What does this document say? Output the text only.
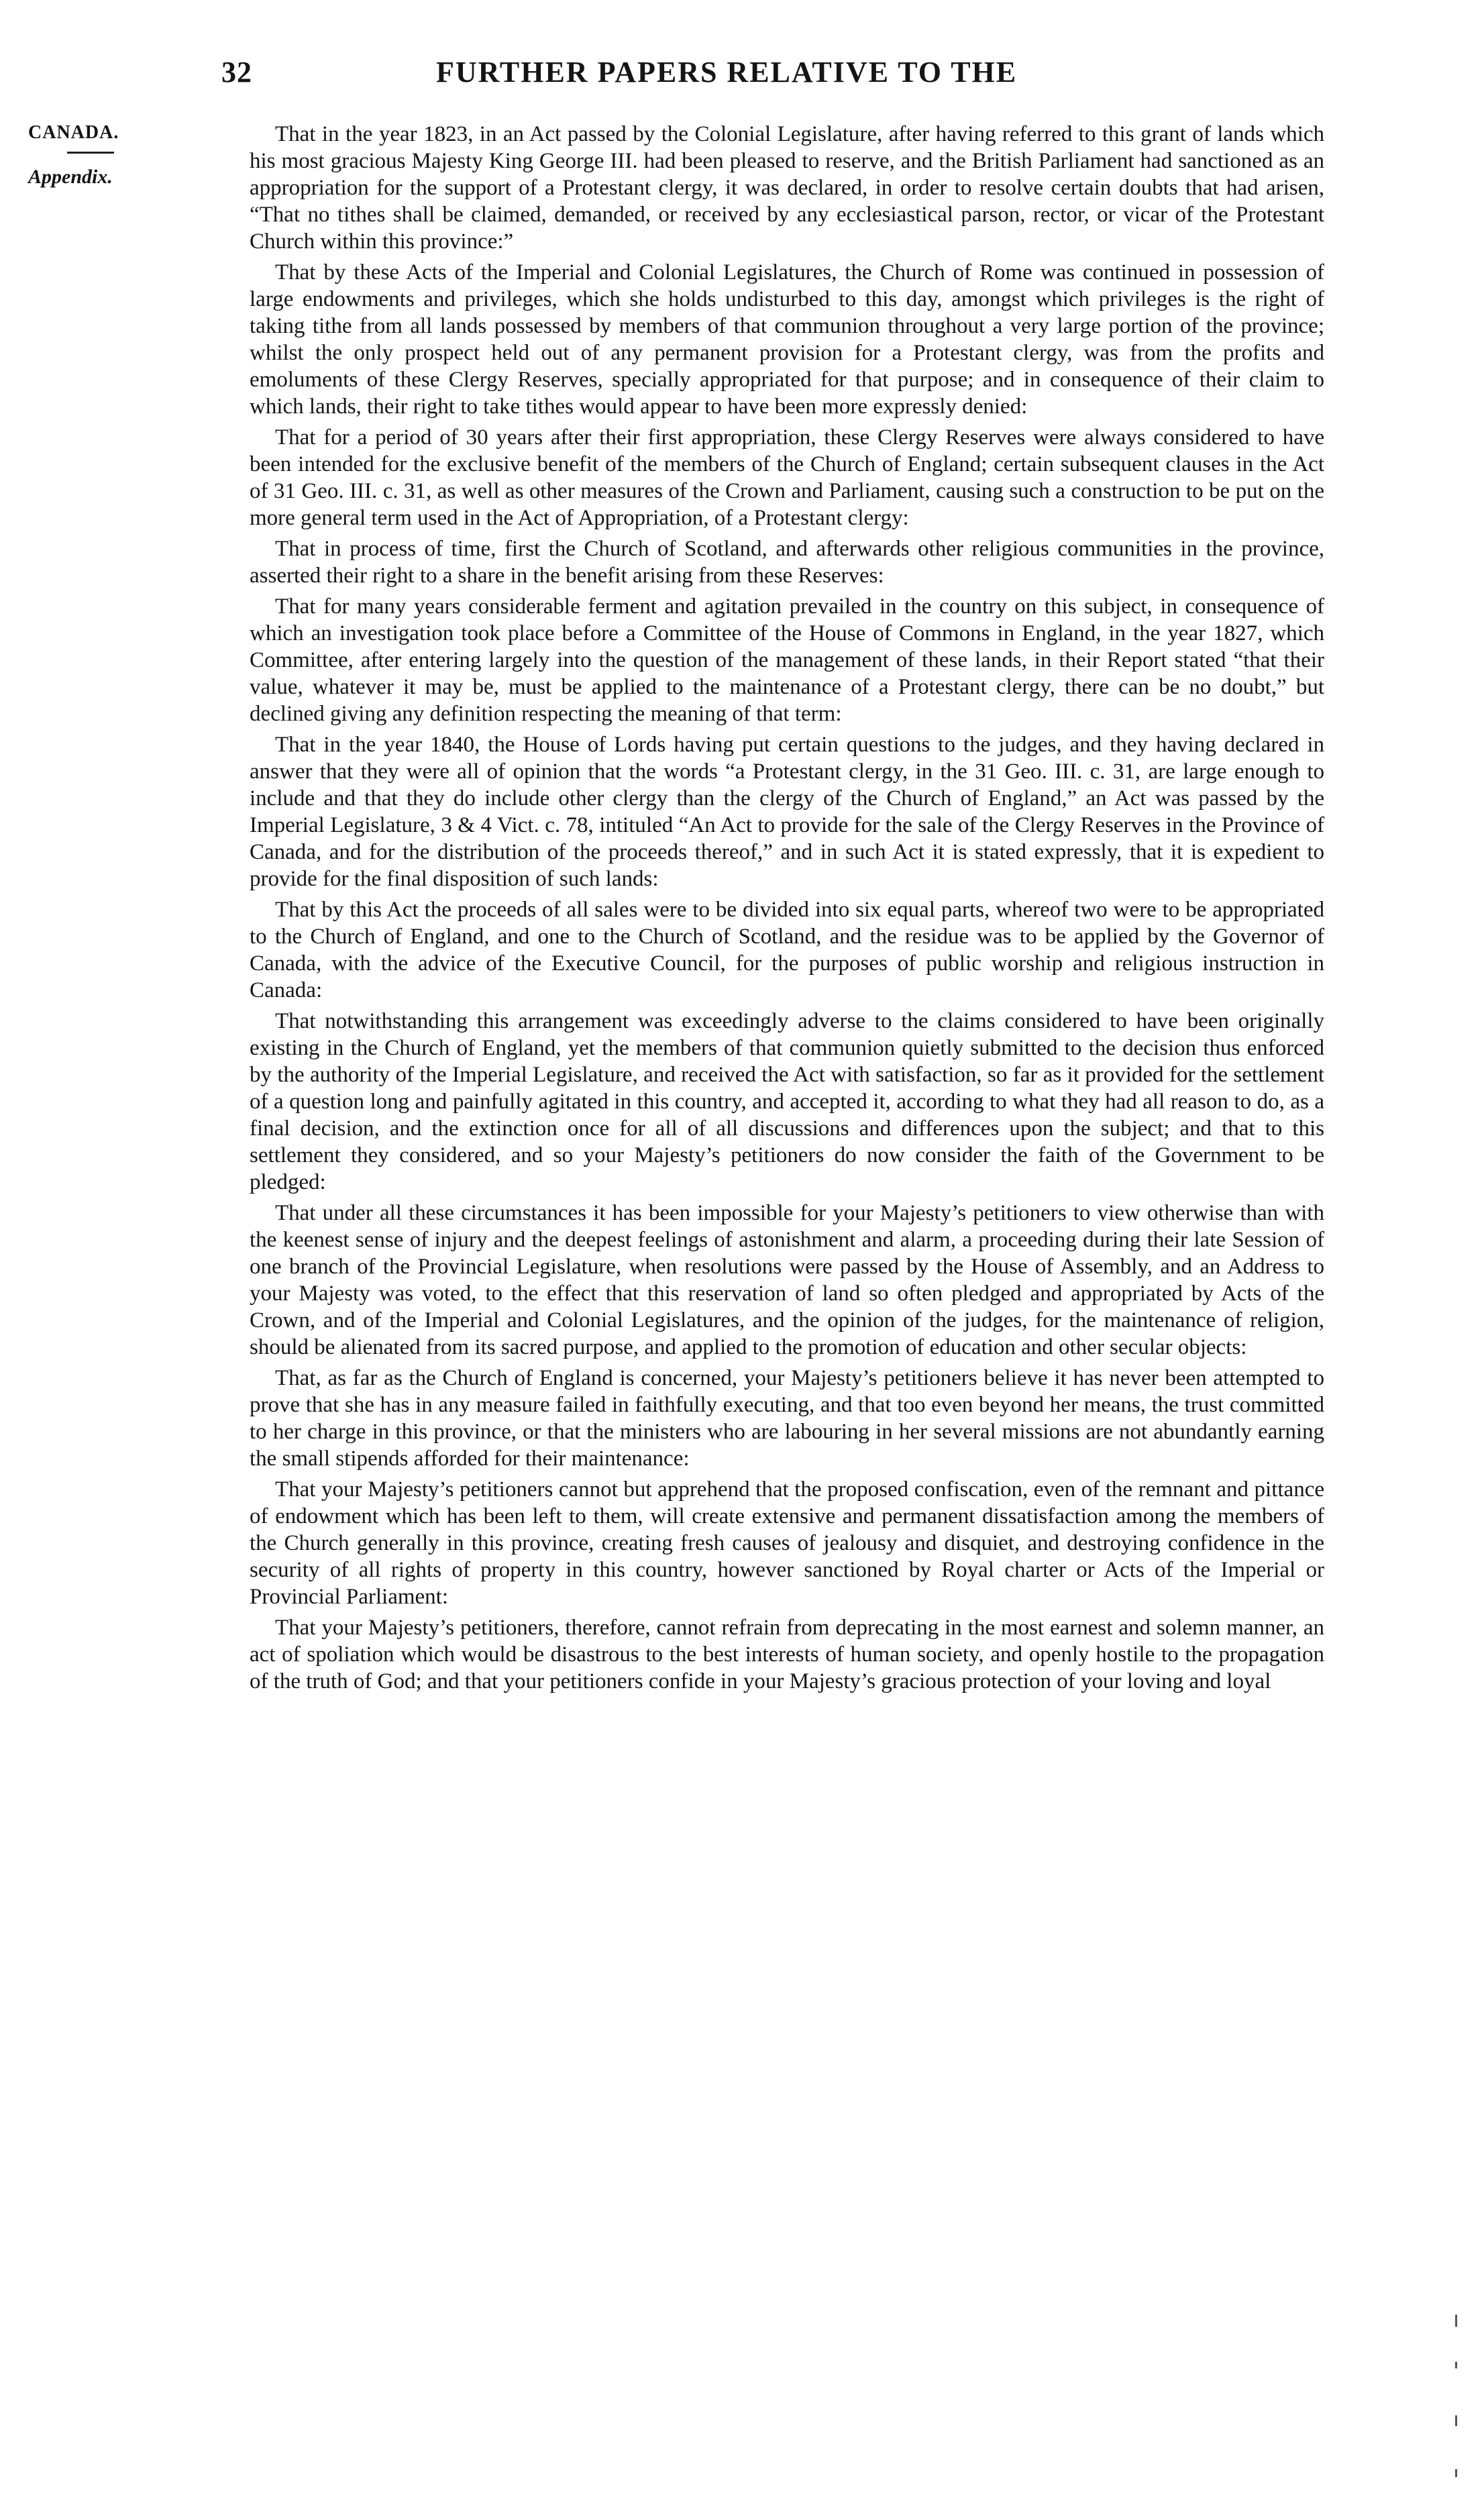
32	FURTHER PAPERS RELATIVE TO THE
CANADA.
Appendix.

That in the year 1823, in an Act passed by the Colonial Legislature, after having referred to this grant of lands which his most gracious Majesty King George III. had been pleased to reserve, and the British Parliament had sanctioned as an appropriation for the support of a Protestant clergy, it was declared, in order to resolve certain doubts that had arisen, “That no tithes shall be claimed, demanded, or received by any ecclesiastical parson, rector, or vicar of the Protestant Church within this province:”

That by these Acts of the Imperial and Colonial Legislatures, the Church of Rome was continued in possession of large endowments and privileges, which she holds undisturbed to this day, amongst which privileges is the right of taking tithe from all lands possessed by members of that communion throughout a very large portion of the province; whilst the only prospect held out of any permanent provision for a Protestant clergy, was from the profits and emoluments of these Clergy Reserves, specially appropriated for that purpose; and in consequence of their claim to which lands, their right to take tithes would appear to have been more expressly denied:

That for a period of 30 years after their first appropriation, these Clergy Reserves were always considered to have been intended for the exclusive benefit of the members of the Church of England; certain subsequent clauses in the Act of 31 Geo. III. c. 31, as well as other measures of the Crown and Parliament, causing such a construction to be put on the more general term used in the Act of Appropriation, of a Protestant clergy:

That in process of time, first the Church of Scotland, and afterwards other religious communities in the province, asserted their right to a share in the benefit arising from these Reserves:

That for many years considerable ferment and agitation prevailed in the country on this subject, in consequence of which an investigation took place before a Committee of the House of Commons in England, in the year 1827, which Committee, after entering largely into the question of the management of these lands, in their Report stated “that their value, whatever it may be, must be applied to the maintenance of a Protestant clergy, there can be no doubt,” but declined giving any definition respecting the meaning of that term:

That in the year 1840, the House of Lords having put certain questions to the judges, and they having declared in answer that they were all of opinion that the words “a Protestant clergy, in the 31 Geo. III. c. 31, are large enough to include and that they do include other clergy than the clergy of the Church of England,” an Act was passed by the Imperial Legislature, 3 & 4 Vict. c. 78, intituled “An Act to provide for the sale of the Clergy Reserves in the Province of Canada, and for the distribution of the proceeds thereof,” and in such Act it is stated expressly, that it is expedient to provide for the final disposition of such lands:

That by this Act the proceeds of all sales were to be divided into six equal parts, whereof two were to be appropriated to the Church of England, and one to the Church of Scotland, and the residue was to be applied by the Governor of Canada, with the advice of the Executive Council, for the purposes of public worship and religious instruction in Canada:

That notwithstanding this arrangement was exceedingly adverse to the claims considered to have been originally existing in the Church of England, yet the members of that communion quietly submitted to the decision thus enforced by the authority of the Imperial Legislature, and received the Act with satisfaction, so far as it provided for the settlement of a question long and painfully agitated in this country, and accepted it, according to what they had all reason to do, as a final decision, and the extinction once for all of all discussions and differences upon the subject; and that to this settlement they considered, and so your Majesty’s petitioners do now consider the faith of the Government to be pledged:

That under all these circumstances it has been impossible for your Majesty’s petitioners to view otherwise than with the keenest sense of injury and the deepest feelings of astonishment and alarm, a proceeding during their late Session of one branch of the Provincial Legislature, when resolutions were passed by the House of Assembly, and an Address to your Majesty was voted, to the effect that this reservation of land so often pledged and appropriated by Acts of the Crown, and of the Imperial and Colonial Legislatures, and the opinion of the judges, for the maintenance of religion, should be alienated from its sacred purpose, and applied to the promotion of education and other secular objects:

That, as far as the Church of England is concerned, your Majesty’s petitioners believe it has never been attempted to prove that she has in any measure failed in faithfully executing, and that too even beyond her means, the trust committed to her charge in this province, or that the ministers who are labouring in her several missions are not abundantly earning the small stipends afforded for their maintenance:

That your Majesty’s petitioners cannot but apprehend that the proposed confiscation, even of the remnant and pittance of endowment which has been left to them, will create extensive and permanent dissatisfaction among the members of the Church generally in this province, creating fresh causes of jealousy and disquiet, and destroying confidence in the security of all rights of property in this country, however sanctioned by Royal charter or Acts of the Imperial or Provincial Parliament:

That your Majesty’s petitioners, therefore, cannot refrain from deprecating in the most earnest and solemn manner, an act of spoliation which would be disastrous to the best interests of human society, and openly hostile to the propagation of the truth of God; and that your petitioners confide in your Majesty’s gracious protection of your loving and loyal
